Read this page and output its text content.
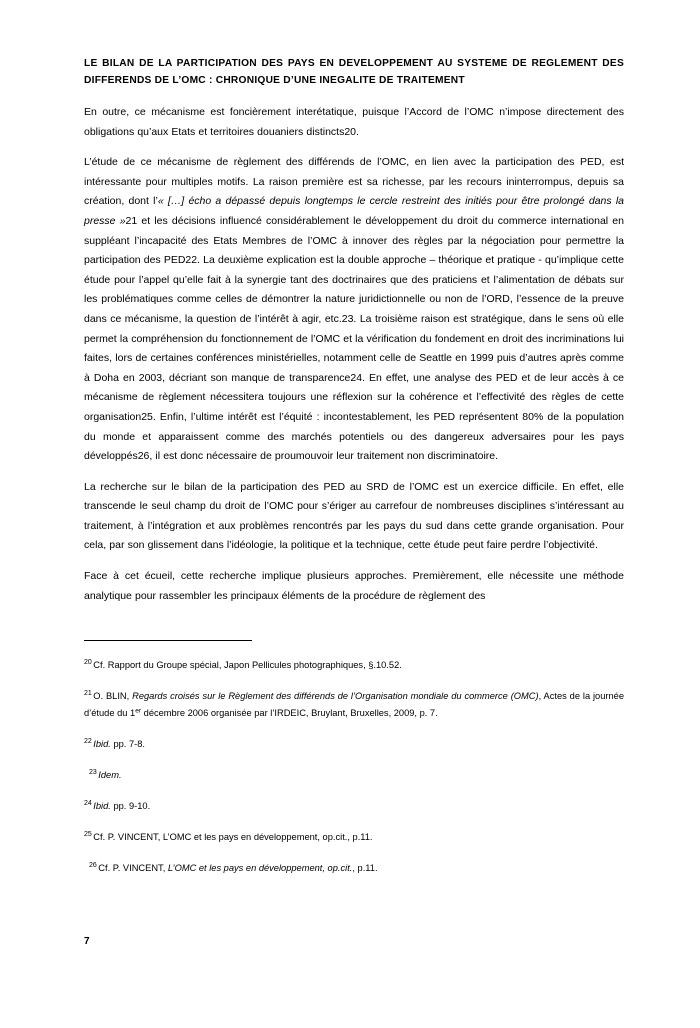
LE BILAN DE LA PARTICIPATION DES PAYS EN DEVELOPPEMENT AU SYSTEME DE REGLEMENT DES DIFFERENDS DE L’OMC : CHRONIQUE D’UNE INEGALITE DE TRAITEMENT

En outre, ce mécanisme est foncièrement interétatique, puisque l’Accord de l’OMC n’impose directement des obligations qu’aux Etats et territoires douaniers distincts20.

L’étude de ce mécanisme de règlement des différends de l’OMC, en lien avec la participation des PED, est intéressante pour multiples motifs. La raison première est sa richesse, par les recours ininterrompus, depuis sa création, dont l’« […] écho a dépassé depuis longtemps le cercle restreint des initiés pour être prolongé dans la presse »21 et les décisions influencé considérablement le développement du droit du commerce international en suppléant l’incapacité des Etats Membres de l’OMC à innover des règles par la négociation pour permettre la participation des PED22. La deuxième explication est la double approche – théorique et pratique - qu’implique cette étude pour l’appel qu’elle fait à la synergie tant des doctrinaires que des praticiens et l’alimentation de débats sur les problématiques comme celles de démontrer la nature juridictionnelle ou non de l’ORD, l’essence de la preuve dans ce mécanisme, la question de l’intérêt à agir, etc.23. La troisième raison est stratégique, dans le sens où elle permet la compréhension du fonctionnement de l’OMC et la vérification du fondement en droit des incriminations lui faites, lors de certaines conférences ministérielles, notamment celle de Seattle en 1999 puis d’autres après comme à Doha en 2003, décriant son manque de transparence24. En effet, une analyse des PED et de leur accès à ce mécanisme de règlement nécessitera toujours une réflexion sur la cohérence et l’effectivité des règles de cette organisation25. Enfin, l’ultime intérêt est l’équité : incontestablement, les PED représentent 80% de la population du monde et apparaissent comme des marchés potentiels ou des dangereux adversaires pour les pays développés26, il est donc nécessaire de proumouvoir leur traitement non discriminatoire.

La recherche sur le bilan de la participation des PED au SRD de l’OMC est un exercice difficile. En effet, elle transcende le seul champ du droit de l’OMC pour s’ériger au carrefour de nombreuses disciplines s’intéressant au traitement, à l’intégration et aux problèmes rencontrés par les pays du sud dans cette grande organisation. Pour cela, par son glissement dans l’idéologie, la politique et la technique, cette étude peut faire perdre l’objectivité.

Face à cet écueil, cette recherche implique plusieurs approches. Premièrement, elle nécessite une méthode analytique pour rassembler les principaux éléments de la procédure de règlement des

$^{20}$ Cf. Rapport du Groupe spécial, Japon Pellicules photographiques, §.10.52.

$^{21}$ O. BLIN, Regards croisés sur le Règlement des différends de l’Organisation mondiale du commerce (OMC), Actes de la journée d’étude du 1er décembre 2006 organisée par l’IRDEIC, Bruylant, Bruxelles, 2009, p. 7.

$^{22}$ Ibid. pp. 7-8.

$^{23}$ Idem.

$^{24}$ Ibid. pp. 9-10.

$^{25}$ Cf. P. VINCENT, L’OMC et les pays en développement, op.cit., p.11.

$^{26}$ Cf. P. VINCENT, L’OMC et les pays en développement, op.cit., p.11.

7
